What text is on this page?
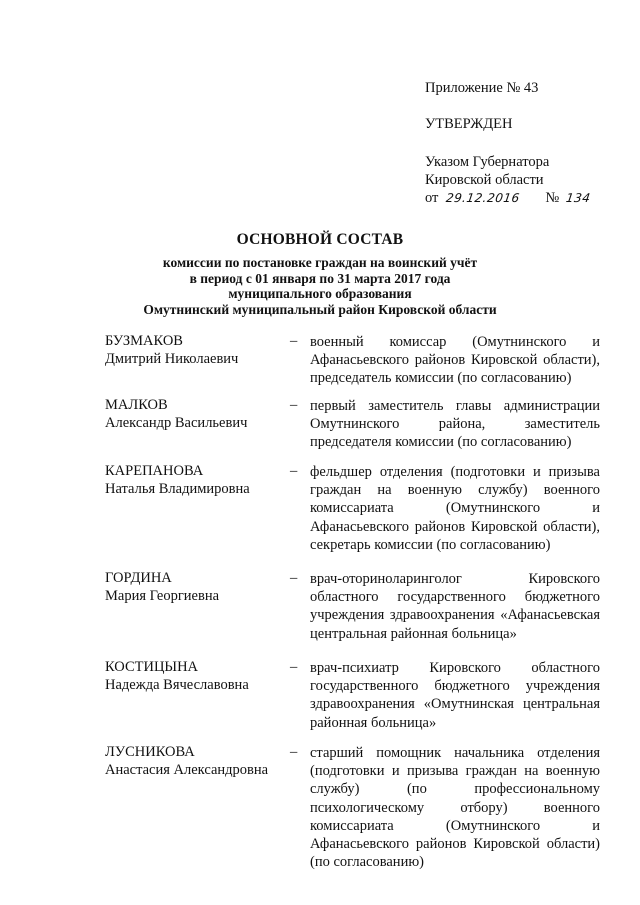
Приложение № 43
УТВЕРЖДЕН
Указом Губернатора
Кировской области
от 29.12.2016 № 134
ОСНОВНОЙ СОСТАВ
комиссии по постановке граждан на воинский учёт
в период с 01 января по 31 марта 2017 года
муниципального образования
Омутнинский муниципальный район Кировской области
БУЗМАКОВ
Дмитрий Николаевич
– военный комиссар (Омутнинского и Афанасьевского районов Кировской области), председатель комиссии (по согласованию)
МАЛКОВ
Александр Васильевич
– первый заместитель главы администрации Омутнинского района, заместитель председателя комиссии (по согласованию)
КАРЕПАНОВА
Наталья Владимировна
– фельдшер отделения (подготовки и призыва граждан на военную службу) военного комиссариата (Омутнинского и Афанасьевского районов Кировской области), секретарь комиссии (по согласованию)
ГОРДИНА
Мария Георгиевна
– врач-оториноларинголог Кировского областного государственного бюджетного учреждения здравоохранения «Афанасьевская центральная районная больница»
КОСТИЦЫНА
Надежда Вячеславовна
– врач-психиатр Кировского областного государственного бюджетного учреждения здравоохранения «Омутнинская центральная районная больница»
ЛУСНИКОВА
Анастасия Александровна
– старший помощник начальника отделения (подготовки и призыва граждан на военную службу) (по профессиональному психологическому отбору) военного комиссариата (Омутнинского и Афанасьевского районов Кировской области) (по согласованию)
